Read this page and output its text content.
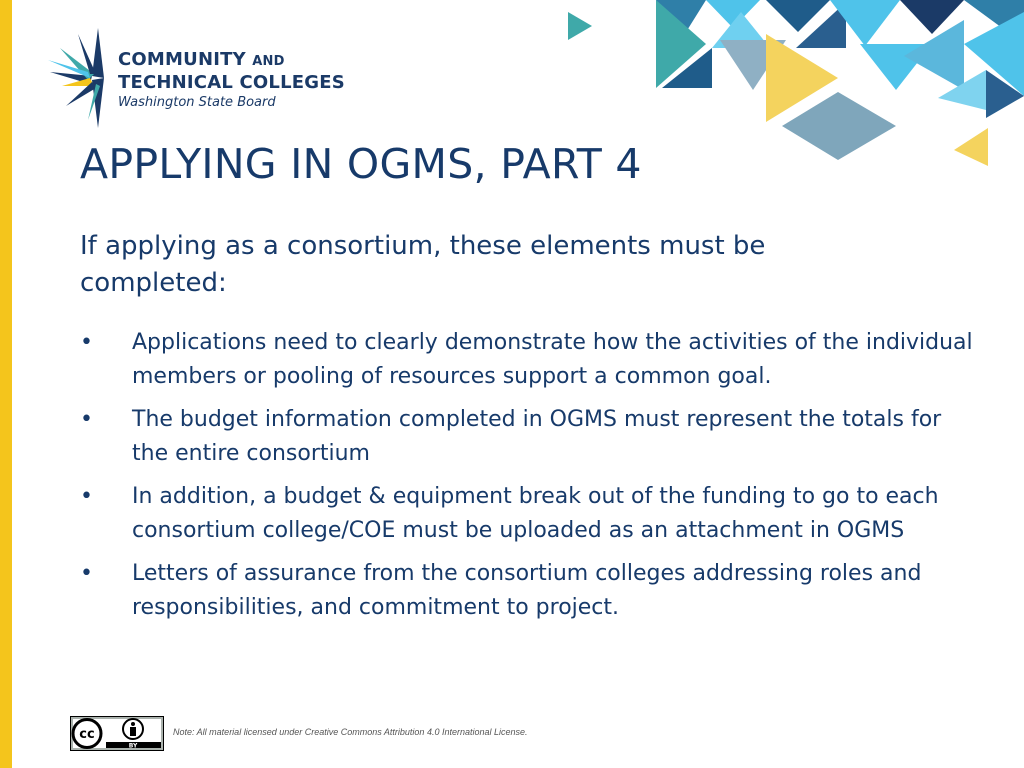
COMMUNITY AND
TECHNICAL COLLEGES
Washington State Board
APPLYING IN OGMS, PART 4

If applying as a consortium, these elements must be completed:

•	Applications need to clearly demonstrate how the activities of the individual members or pooling of resources support a common goal.
•	The budget information completed in OGMS must represent the totals for the entire consortium
•	In addition, a budget & equipment break out of the funding to go to each consortium college/COE must be uploaded as an attachment in OGMS
•	Letters of assurance from the consortium colleges addressing roles and responsibilities, and commitment to project.
cc
BY

Note: All material licensed under Creative Commons Attribution 4.0 International License.
